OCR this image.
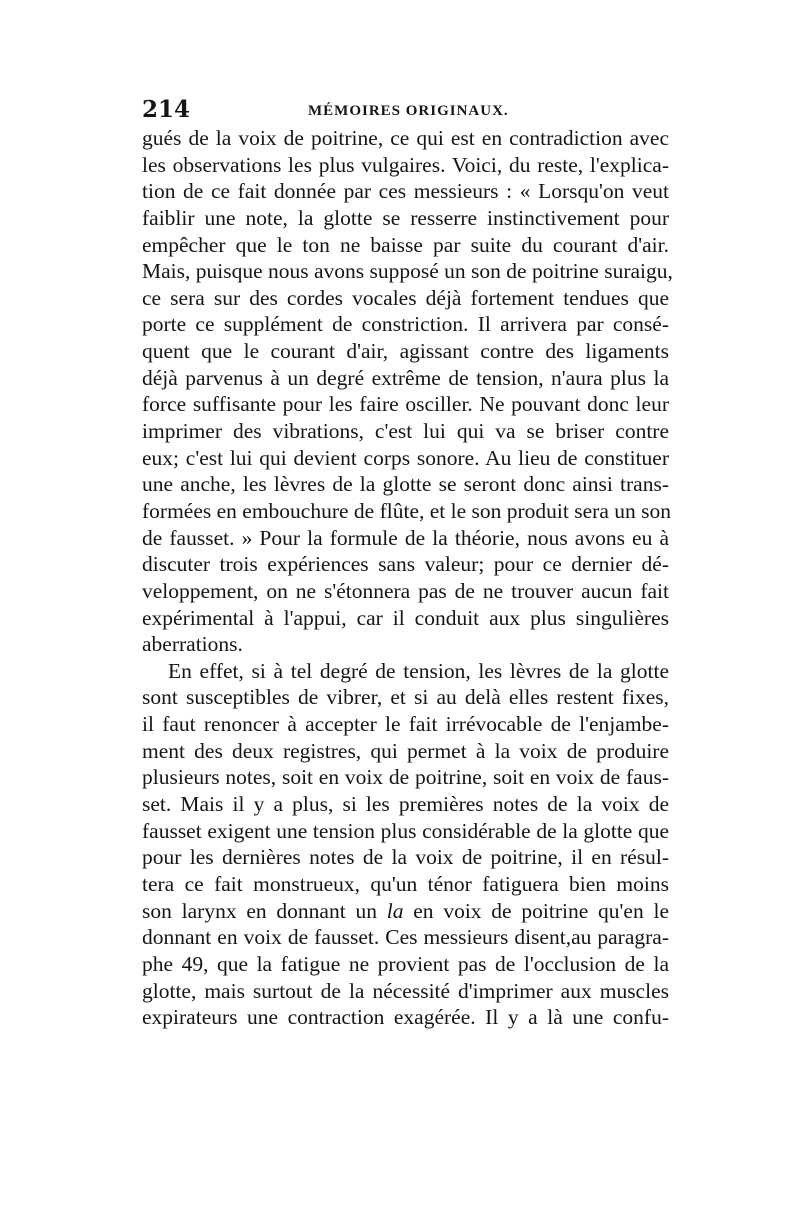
214	MÉMOIRES ORIGINAUX.
gués de la voix de poitrine, ce qui est en contradiction avec
les observations les plus vulgaires. Voici, du reste, l'explica-
tion de ce fait donnée par ces messieurs : « Lorsqu'on veut
faiblir une note, la glotte se resserre instinctivement pour
empêcher que le ton ne baisse par suite du courant d'air.
Mais, puisque nous avons supposé un son de poitrine suraigu,
ce sera sur des cordes vocales déjà fortement tendues que
porte ce supplément de constriction. Il arrivera par consé-
quent que le courant d'air, agissant contre des ligaments
déjà parvenus à un degré extrême de tension, n'aura plus la
force suffisante pour les faire osciller. Ne pouvant donc leur
imprimer des vibrations, c'est lui qui va se briser contre
eux; c'est lui qui devient corps sonore. Au lieu de constituer
une anche, les lèvres de la glotte se seront donc ainsi trans-
formées en embouchure de flûte, et le son produit sera un son
de fausset. » Pour la formule de la théorie, nous avons eu à
discuter trois expériences sans valeur; pour ce dernier dé-
veloppement, on ne s'étonnera pas de ne trouver aucun fait
expérimental à l'appui, car il conduit aux plus singulières
aberrations.
En effet, si à tel degré de tension, les lèvres de la glotte
sont susceptibles de vibrer, et si au delà elles restent fixes,
il faut renoncer à accepter le fait irrévocable de l'enjambe-
ment des deux registres, qui permet à la voix de produire
plusieurs notes, soit en voix de poitrine, soit en voix de faus-
set. Mais il y a plus, si les premières notes de la voix de
fausset exigent une tension plus considérable de la glotte que
pour les dernières notes de la voix de poitrine, il en résul-
tera ce fait monstrueux, qu'un ténor fatiguera bien moins
son larynx en donnant un la en voix de poitrine qu'en le
donnant en voix de fausset. Ces messieurs disent,au paragra-
phe 49, que la fatigue ne provient pas de l'occlusion de la
glotte, mais surtout de la nécessité d'imprimer aux muscles
expirateurs une contraction exagérée. Il y a là une confu-
